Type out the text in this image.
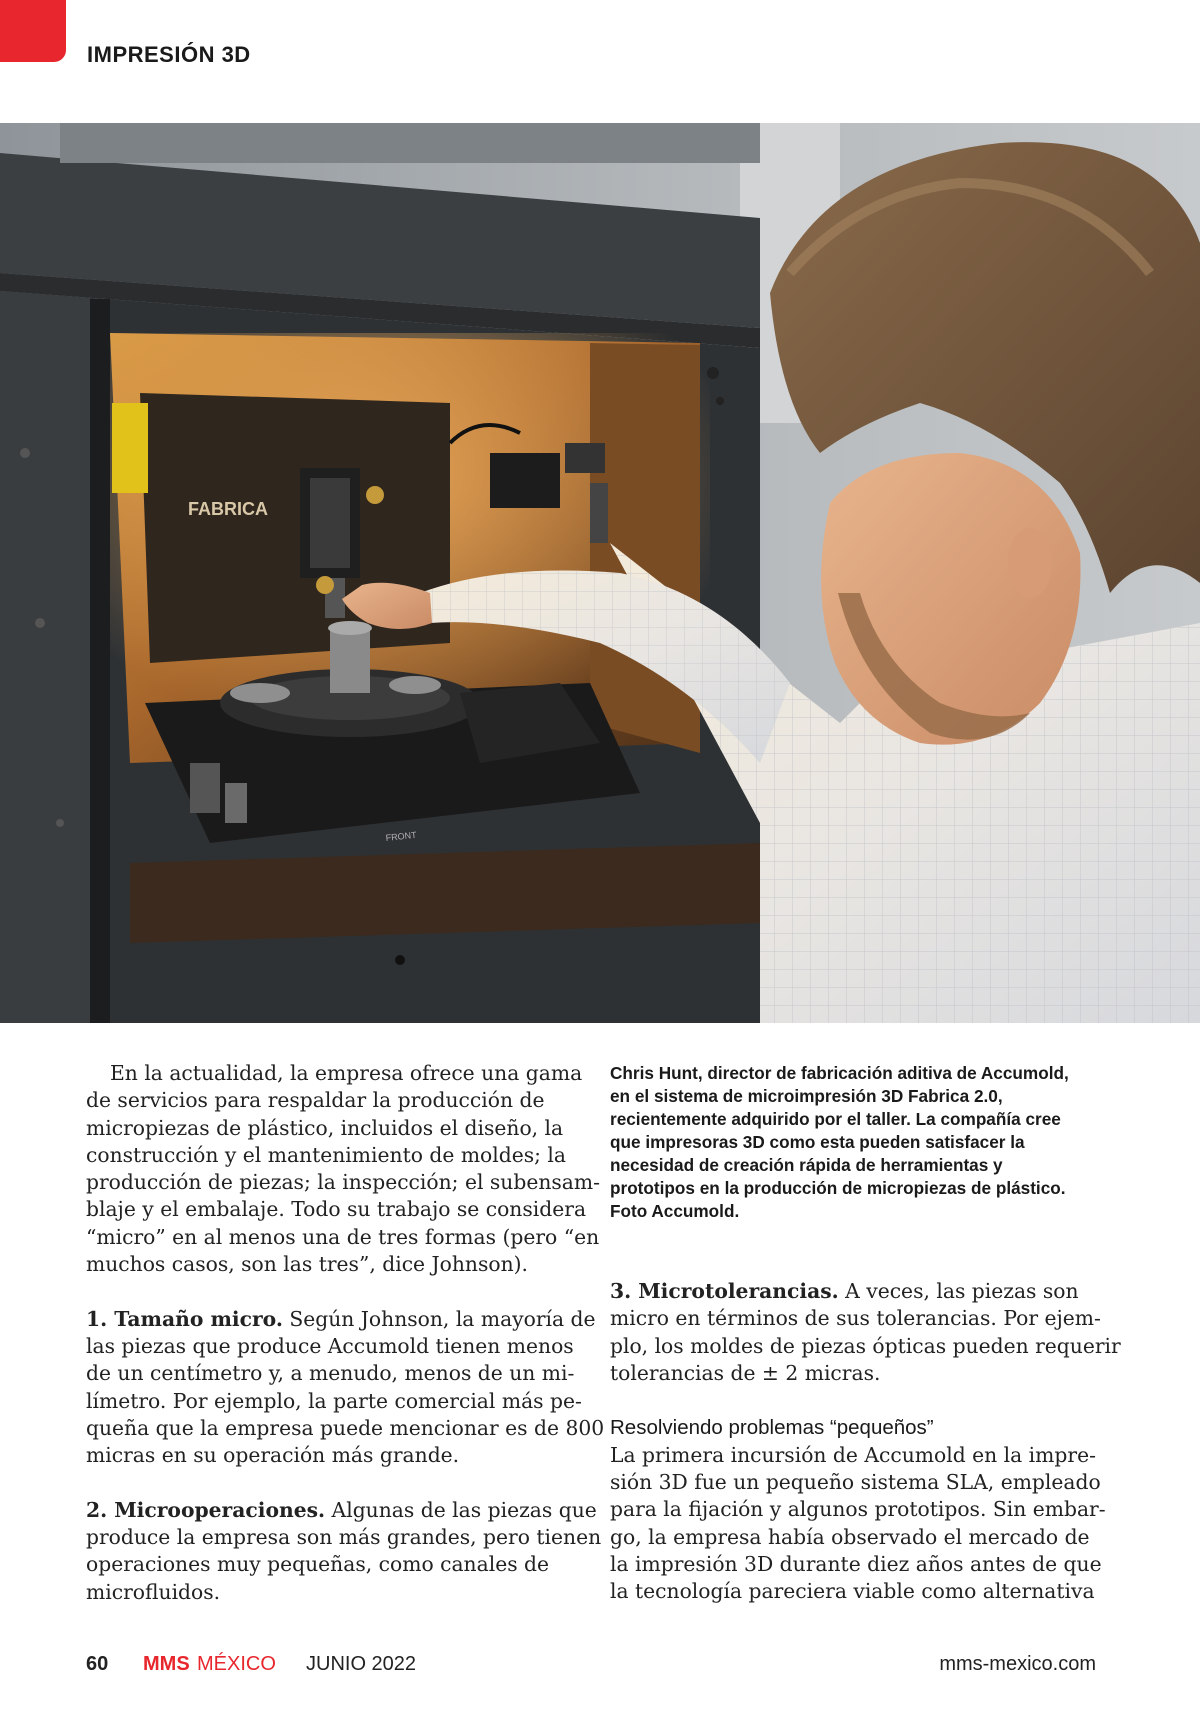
IMPRESIÓN 3D
FABRICA
FRONT

En la actualidad, la empresa ofrece una gama
de servicios para respaldar la producción de
micropiezas de plástico, incluidos el diseño, la
construcción y el mantenimiento de moldes; la
producción de piezas; la inspección; el subensam-
blaje y el embalaje. Todo su trabajo se considera
“micro” en al menos una de tres formas (pero “en
muchos casos, son las tres”, dice Johnson).

1. Tamaño micro. Según Johnson, la mayoría de
las piezas que produce Accumold tienen menos
de un centímetro y, a menudo, menos de un mi-
límetro. Por ejemplo, la parte comercial más pe-
queña que la empresa puede mencionar es de 800
micras en su operación más grande.

2. Microoperaciones. Algunas de las piezas que
produce la empresa son más grandes, pero tienen
operaciones muy pequeñas, como canales de
microfluidos.

Chris Hunt, director de fabricación aditiva de Accumold,
en el sistema de microimpresión 3D Fabrica 2.0,
recientemente adquirido por el taller. La compañía cree
que impresoras 3D como esta pueden satisfacer la
necesidad de creación rápida de herramientas y
prototipos en la producción de micropiezas de plástico.
Foto Accumold.

3. Microtolerancias. A veces, las piezas son
micro en términos de sus tolerancias. Por ejem-
plo, los moldes de piezas ópticas pueden requerir
tolerancias de ± 2 micras.

Resolviendo problemas “pequeños”
La primera incursión de Accumold en la impre-
sión 3D fue un pequeño sistema SLA, empleado
para la fijación y algunos prototipos. Sin embar-
go, la empresa había observado el mercado de
la impresión 3D durante diez años antes de que
la tecnología pareciera viable como alternativa
60 MMS MÉXICO JUNIO 2022	mms-mexico.com
